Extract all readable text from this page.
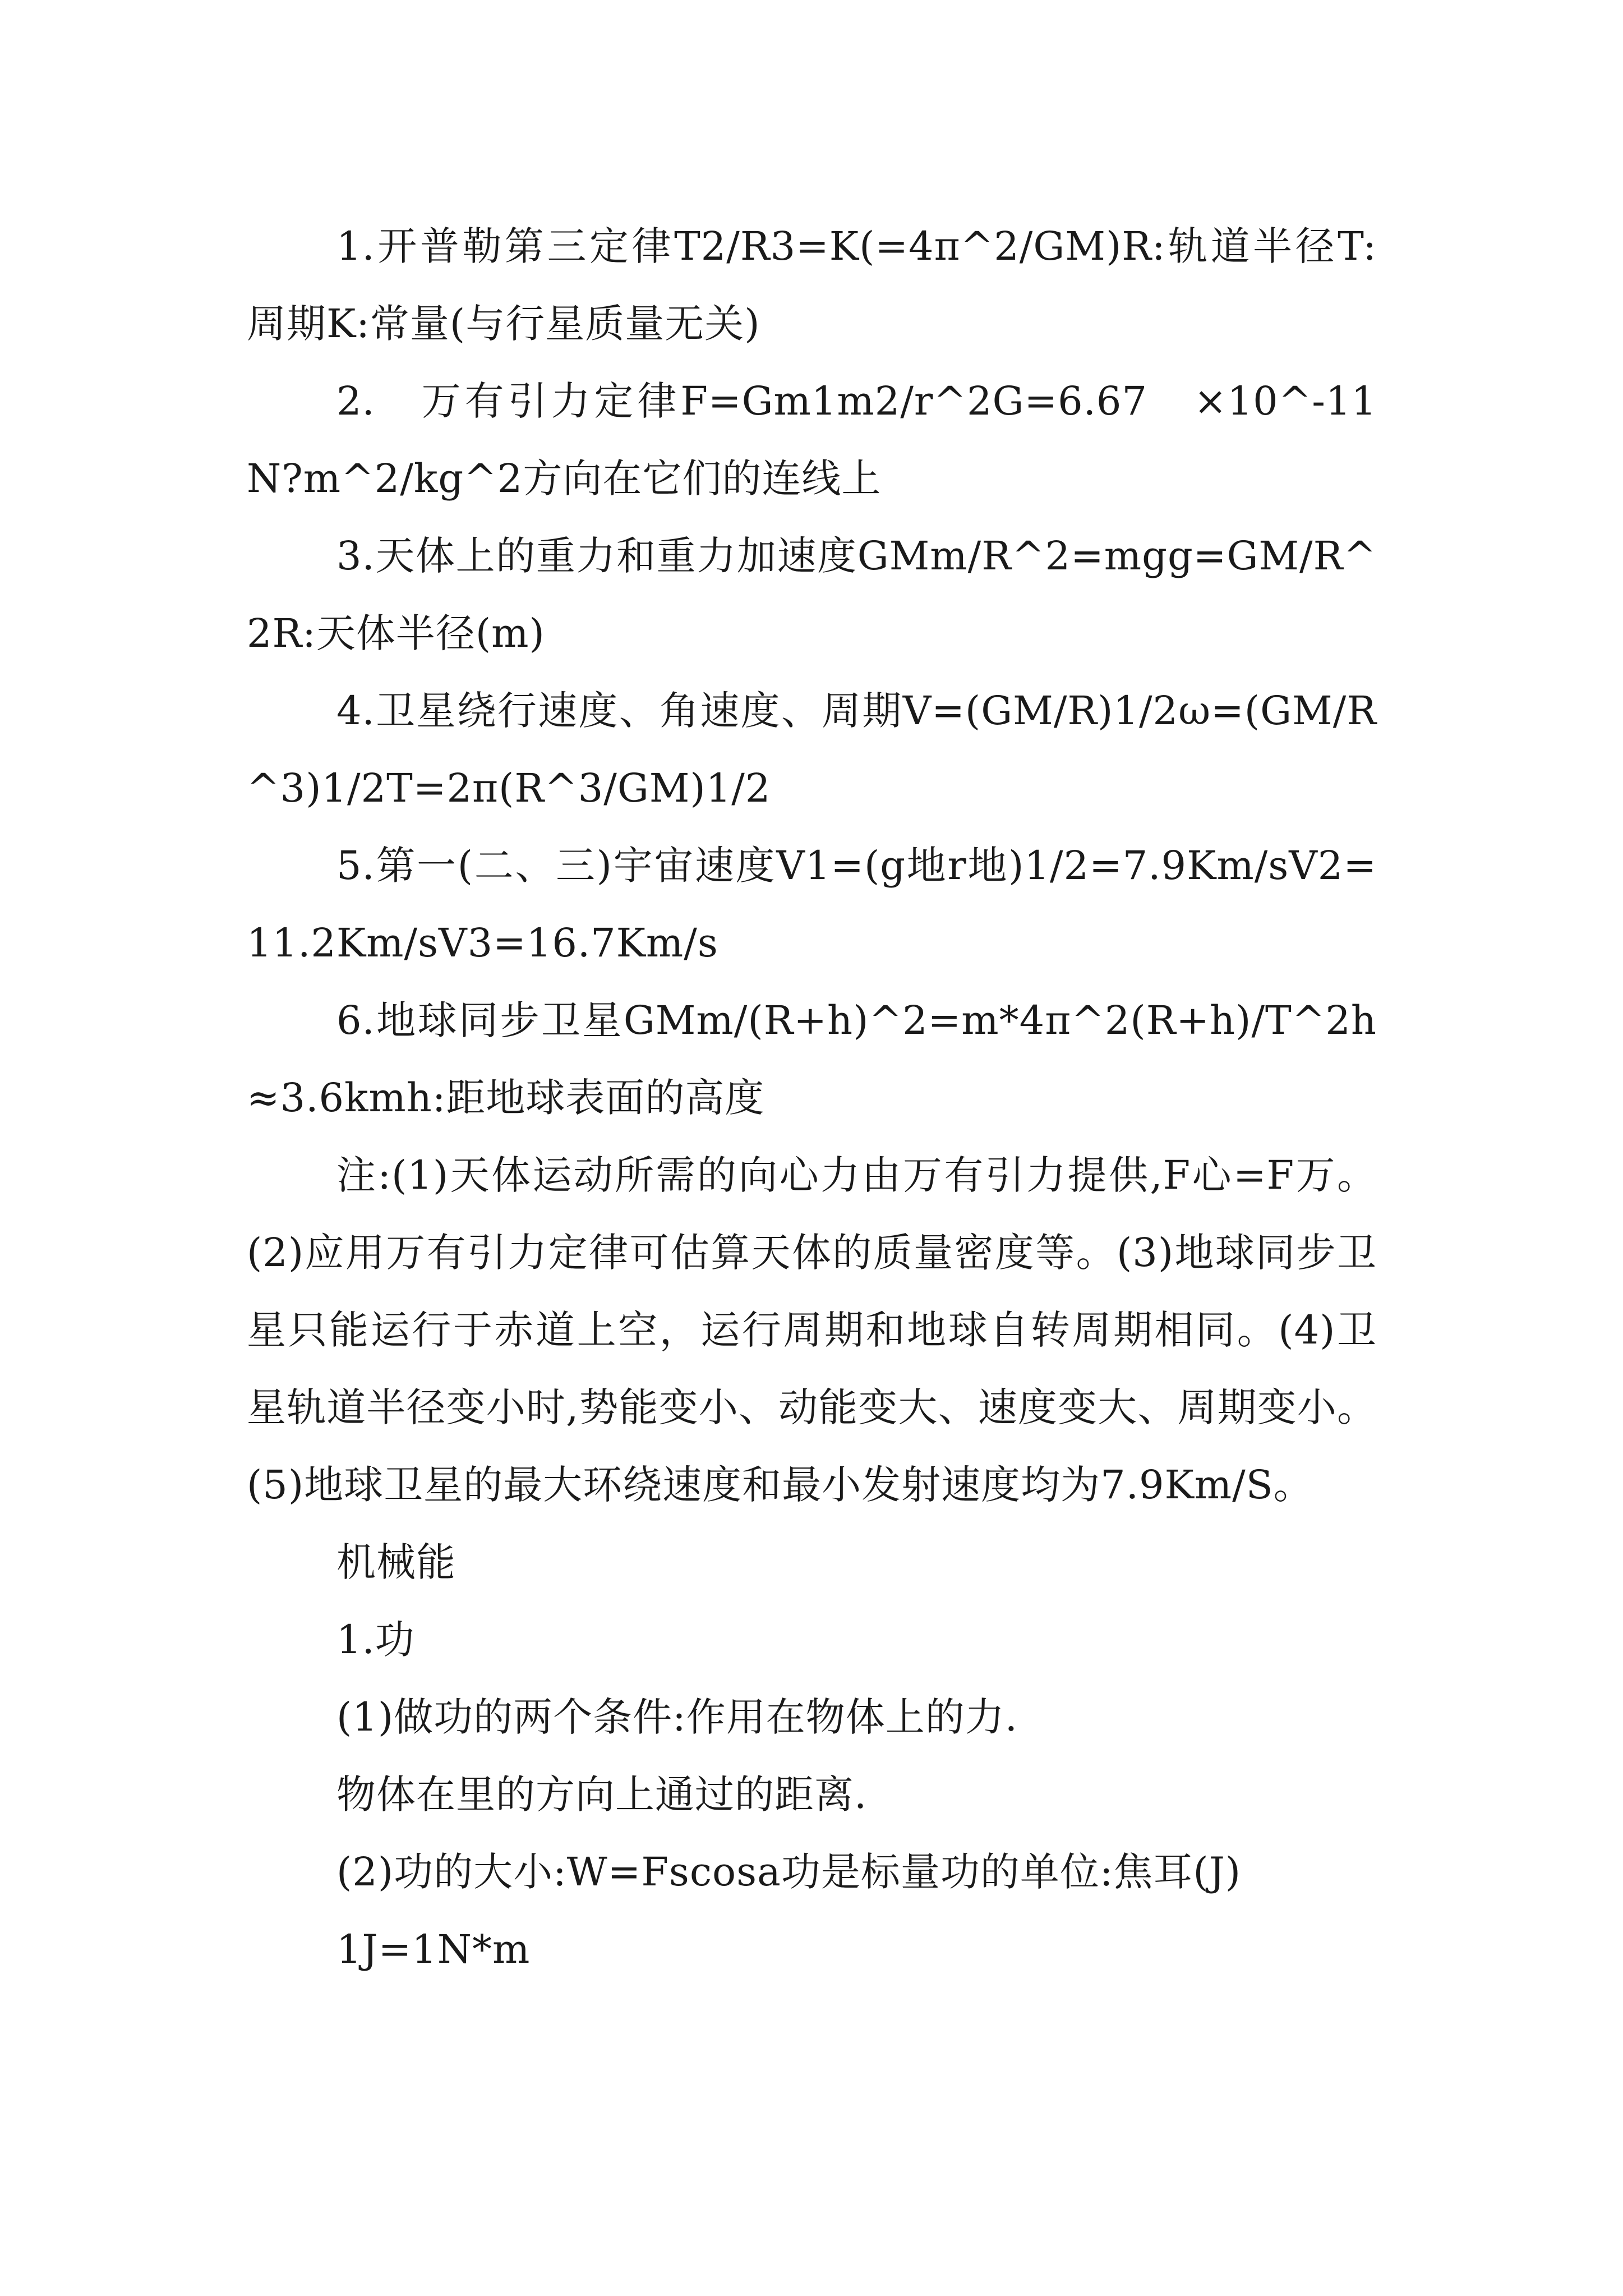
1.开普勒第三定律T2/R3=K(=4π^2/GM)R:轨道半径T:周期K:常量(与行星质量无关)

2.　万有引力定律F=Gm1m2/r^2G=6.67　×10^-11N?m^2/kg^2方向在它们的连线上

3.天体上的重力和重力加速度GMm/R^2=mgg=GM/R^2R:天体半径(m)

4.卫星绕行速度、角速度、周期V=(GM/R)1/2ω=(GM/R^3)1/2T=2π(R^3/GM)1/2

5.第一(二、三)宇宙速度V1=(g地r地)1/2=7.9Km/sV2=11.2Km/sV3=16.7Km/s

6.地球同步卫星GMm/(R+h)^2=m*4π^2(R+h)/T^2h≈3.6kmh:距地球表面的高度

注:(1)天体运动所需的向心力由万有引力提供,F心=F万。(2)应用万有引力定律可估算天体的质量密度等。(3)地球同步卫星只能运行于赤道上空，运行周期和地球自转周期相同。(4)卫星轨道半径变小时,势能变小、动能变大、速度变大、周期变小。(5)地球卫星的最大环绕速度和最小发射速度均为7.9Km/S。

机械能

1.功

(1)做功的两个条件:作用在物体上的力.

物体在里的方向上通过的距离.

(2)功的大小:W=Fscosa功是标量功的单位:焦耳(J)

1J=1N*m
